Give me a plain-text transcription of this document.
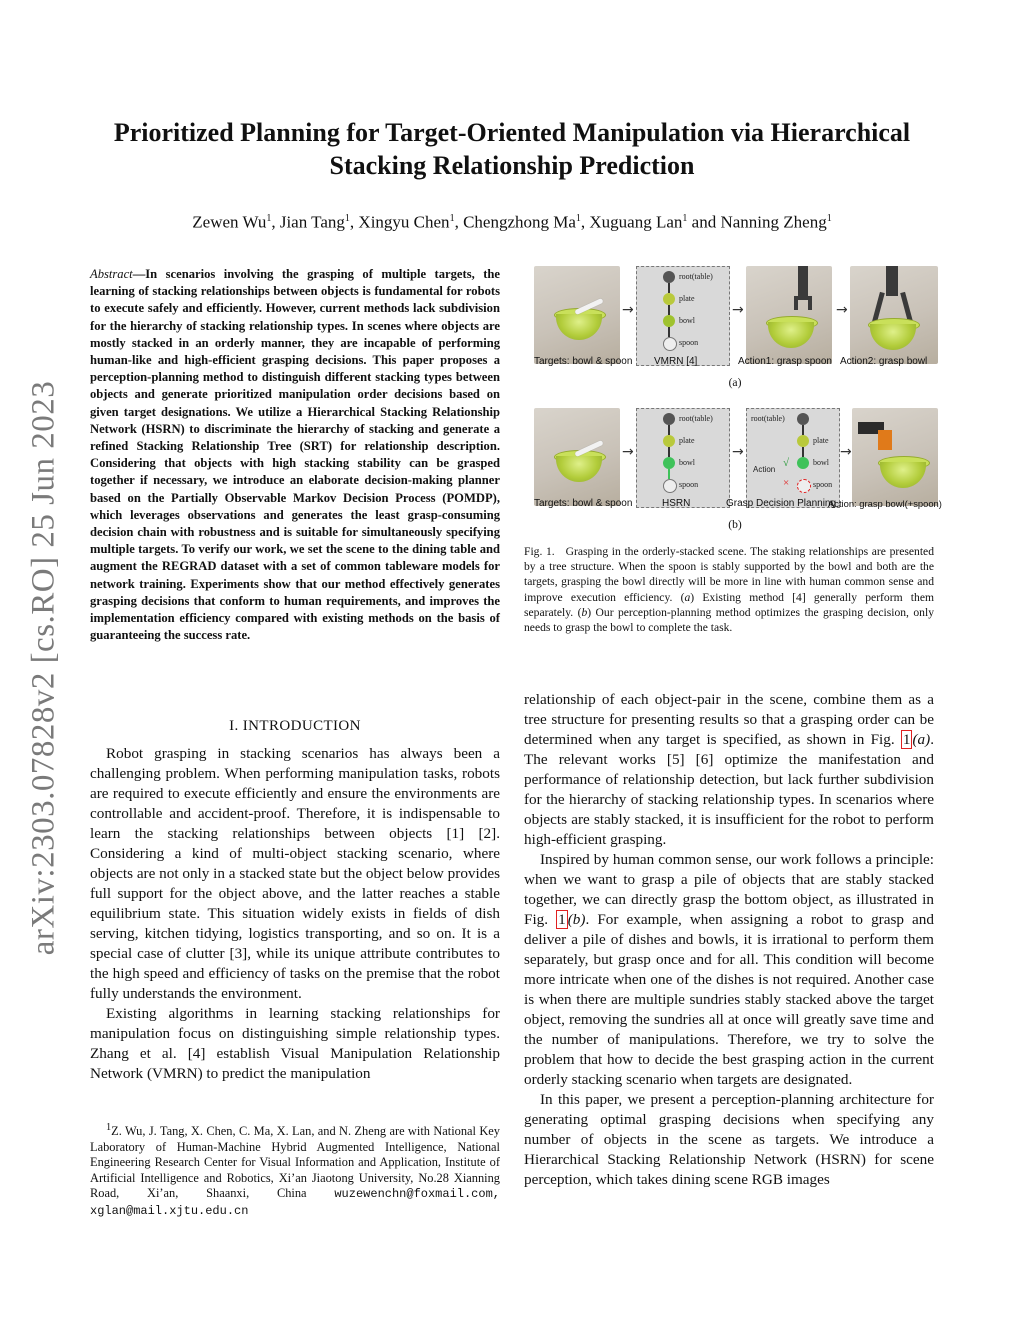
arXiv:2303.07828v2 [cs.RO] 25 Jun 2023
Prioritized Planning for Target-Oriented Manipulation via Hierarchical
Stacking Relationship Prediction
Zewen Wu$^1$, Jian Tang$^1$, Xingyu Chen$^1$, Chengzhong Ma$^1$, Xuguang Lan$^1$ and Nanning Zheng$^1$
Abstract—In scenarios involving the grasping of multiple targets, the learning of stacking relationships between objects is fundamental for robots to execute safely and efficiently. However, current methods lack subdivision for the hierarchy of stacking relationship types. In scenes where objects are mostly stacked in an orderly manner, they are incapable of performing human-like and high-efficient grasping decisions. This paper proposes a perception-planning method to distinguish different stacking types between objects and generate prioritized manipulation order decisions based on given target designations. We utilize a Hierarchical Stacking Relationship Network (HSRN) to discriminate the hierarchy of stacking and generate a refined Stacking Relationship Tree (SRT) for relationship description. Considering that objects with high stacking stability can be grasped together if necessary, we introduce an elaborate decision-making planner based on the Partially Observable Markov Decision Process (POMDP), which leverages observations and generates the least grasp-consuming decision chain with robustness and is suitable for simultaneously specifying multiple targets. To verify our work, we set the scene to the dining table and augment the REGRAD dataset with a set of common tableware models for network training. Experiments show that our method effectively generates grasping decisions that conform to human requirements, and improves the implementation efficiency compared with existing methods on the basis of guaranteeing the success rate.
I. INTRODUCTION

Robot grasping in stacking scenarios has always been a challenging problem. When performing manipulation tasks, robots are required to execute efficiently and ensure the environments are controllable and accident-proof. Therefore, it is indispensable to learn the stacking relationships between objects [1] [2]. Considering a kind of multi-object stacking scenario, where objects are not only in a stacked state but the object below provides full support for the object above, and the latter reaches a stable equilibrium state. This situation widely exists in fields of dish serving, kitchen tidying, logistics transporting, and so on. It is a special case of clutter [3], while its unique attribute contributes to the high speed and efficiency of tasks on the premise that the robot fully understands the environment.

Existing algorithms in learning stacking relationships for manipulation focus on distinguishing simple relationship types. Zhang et al. [4] establish Visual Manipulation Relationship Network (VMRN) to predict the manipulation

$^1$Z. Wu, J. Tang, X. Chen, C. Ma, X. Lan, and N. Zheng are with National Key Laboratory of Human-Machine Hybrid Augmented Intelligence, National Engineering Research Center for Visual Information and Application, Institute of Artificial Intelligence and Robotics, Xi’an Jiaotong University, No.28 Xianning Road, Xi’an, Shaanxi, China wuzewenchn@foxmail.com, xglan@mail.xjtu.edu.cn
→
root(table)
plate
bowl
spoon
→	→
Targets: bowl & spoon VMRN [4]	Action1: grasp spoon Action2: grasp bowl
(a)
→
root(table)
plate
bowl
spoon
→
root(table)
plate
bowl
spoon
Action
√
×
→
Targets: bowl & spoon	HSRN	Grasp Decision Planning
Action: grasp bowl(+spoon)
(b)
Fig. 1. Grasping in the orderly-stacked scene. The staking relationships are presented by a tree structure. When the spoon is stably supported by the bowl and both are the targets, grasping the bowl directly will be more in line with human common sense and improve execution efficiency. (a) Existing method [4] generally perform them separately. (b) Our perception-planning method optimizes the grasping decision, only needs to grasp the bowl to complete the task.

relationship of each object-pair in the scene, combine them as a tree structure for presenting results so that a grasping order can be determined when any target is specified, as shown in Fig. 1 (a). The relevant works [5] [6] optimize the manifestation and performance of relationship detection, but lack further subdivision for the hierarchy of stacking relationship types. In scenarios where objects are stably stacked, it is insufficient for the robot to perform high-efficient grasping.

Inspired by human common sense, our work follows a principle: when we want to grasp a pile of objects that are stably stacked together, we can directly grasp the bottom object, as illustrated in Fig. 1 (b). For example, when assigning a robot to grasp and deliver a pile of dishes and bowls, it is irrational to perform them separately, but grasp once and for all. This condition will become more intricate when one of the dishes is not required. Another case is when there are multiple sundries stably stacked above the target object, removing the sundries all at once will greatly save time and the number of manipulations. Therefore, we try to solve the problem that how to decide the best grasping action in the current orderly stacking scenario when targets are designated.

In this paper, we present a perception-planning architecture for generating optimal grasping decisions when specifying any number of objects in the scene as targets. We introduce a Hierarchical Stacking Relationship Network (HSRN) for scene perception, which takes dining scene RGB images
